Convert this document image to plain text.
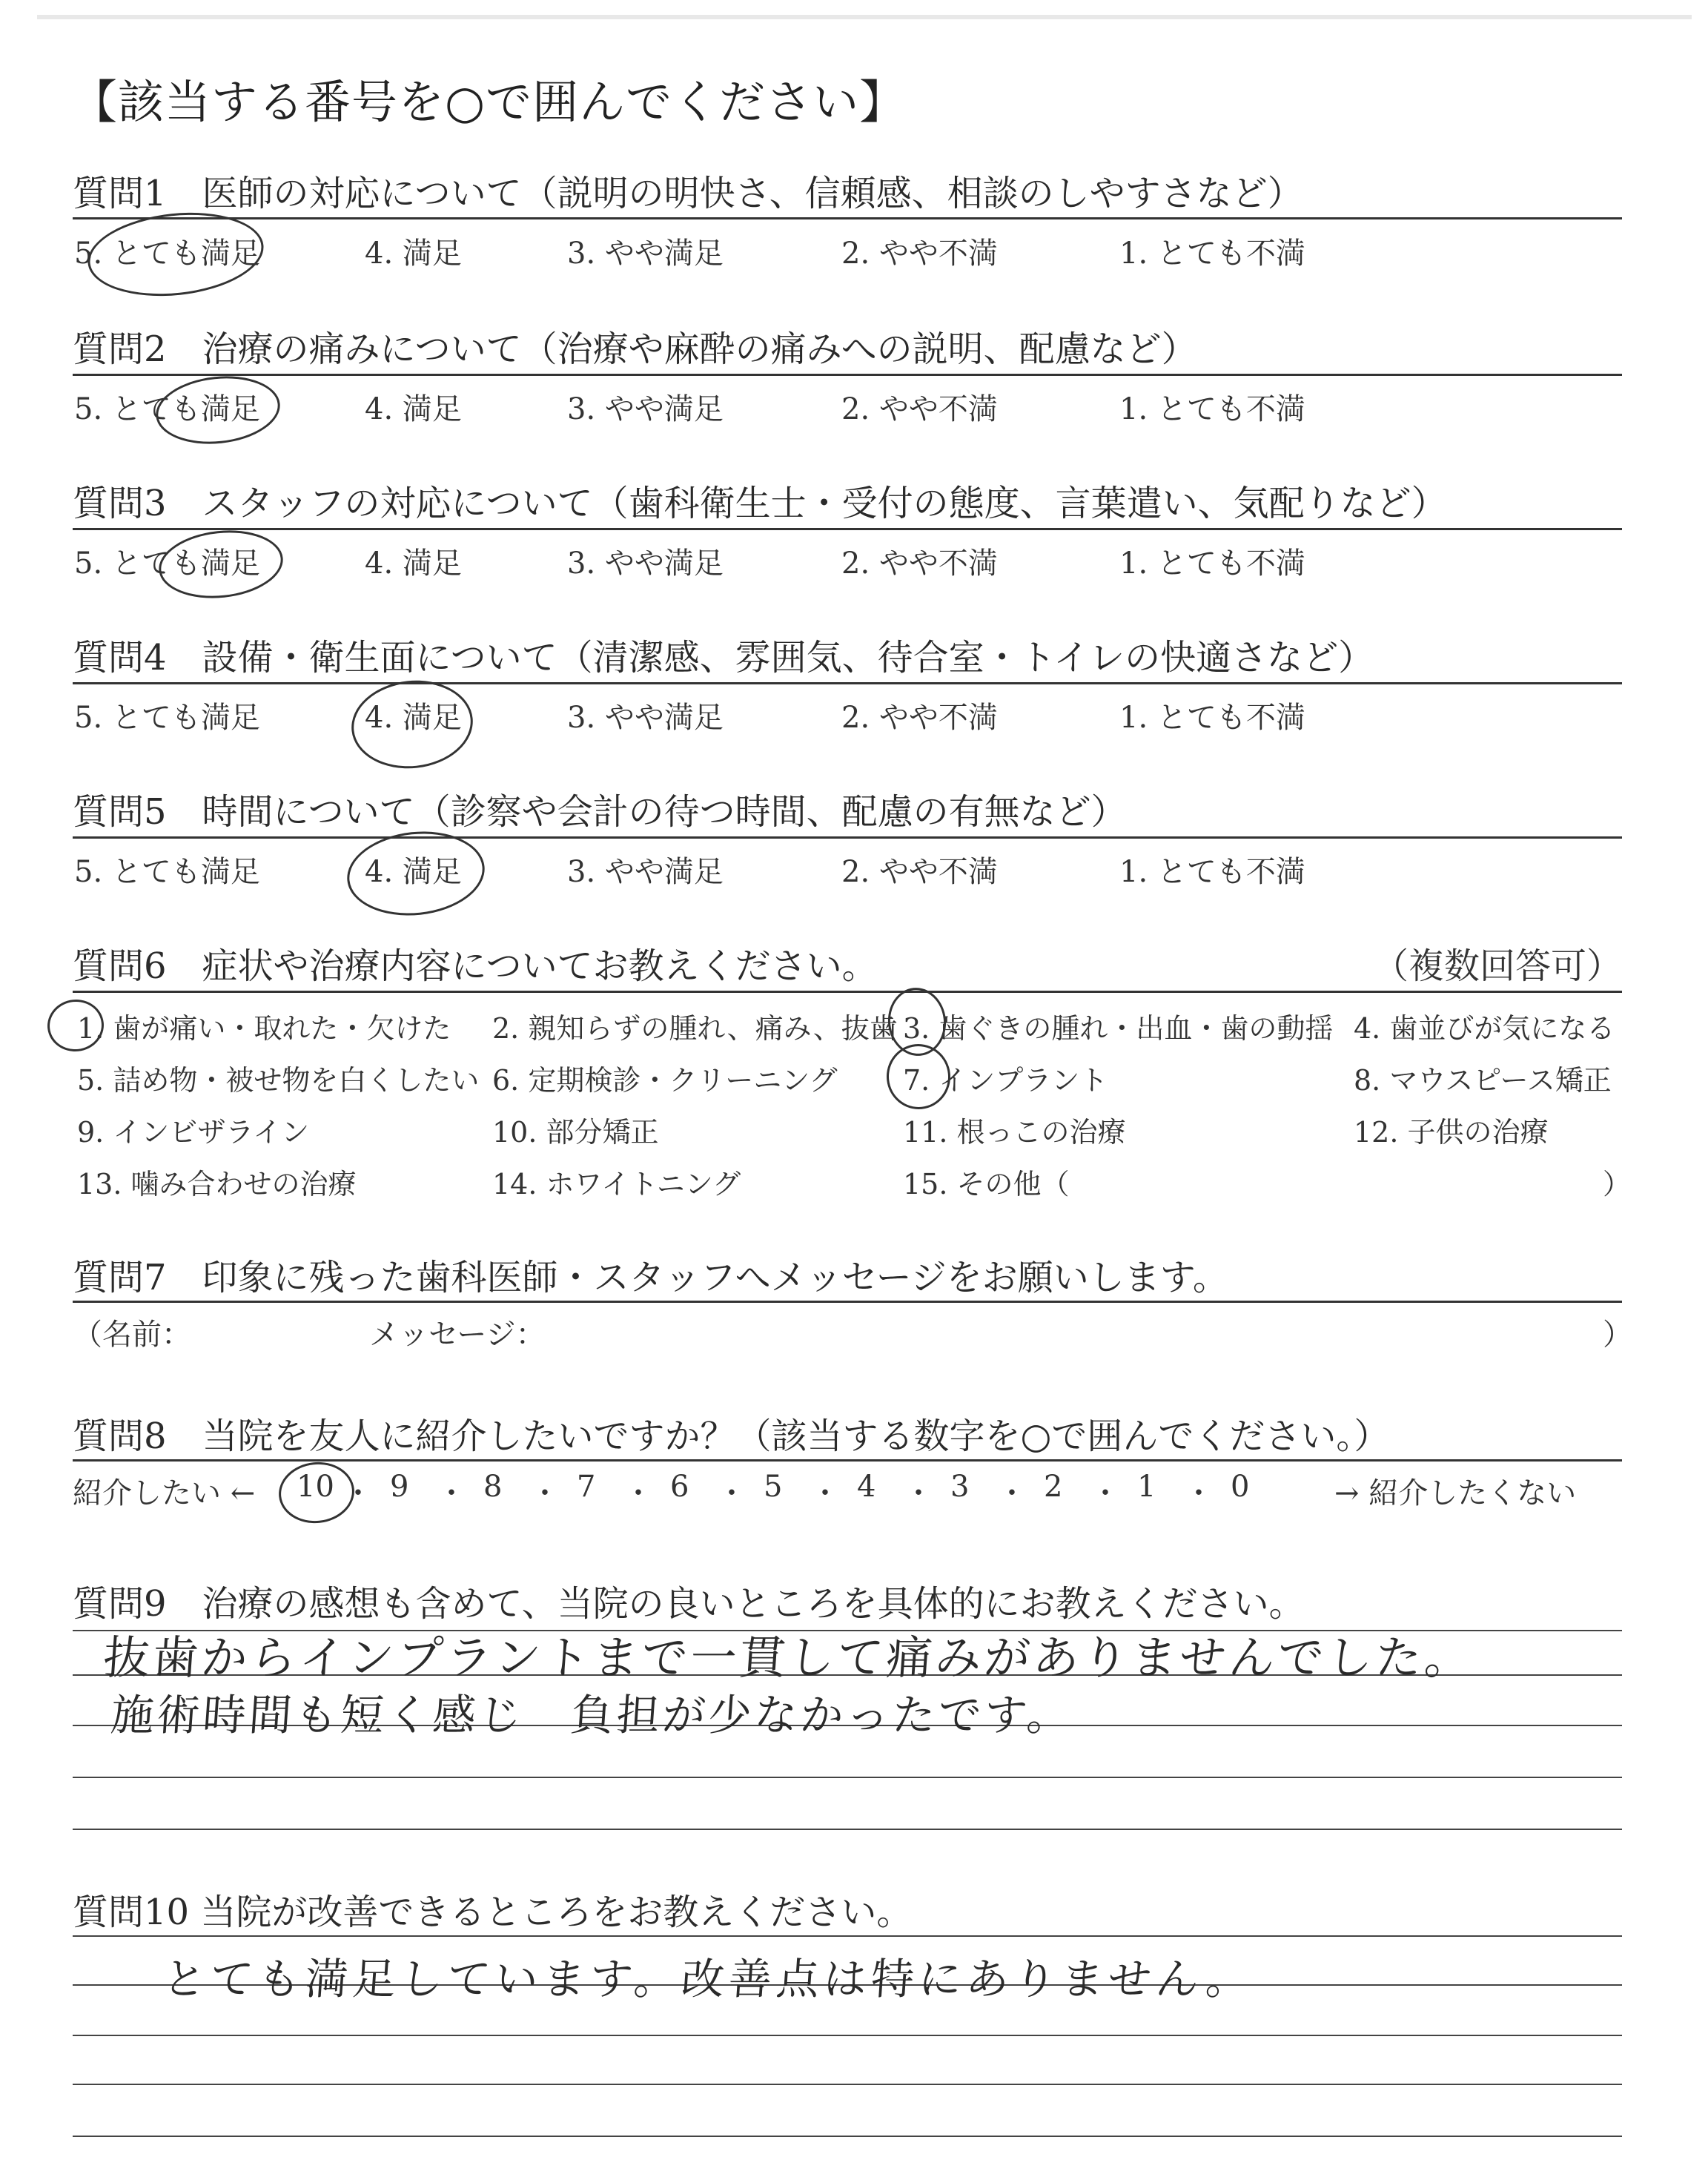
【該当する番号を○で囲んでください】
質問1　医師の対応について（説明の明快さ、信頼感、相談のしやすさなど）
5. とても満足	4. 満足	3. やや満足	2. やや不満	1. とても不満
質問2　治療の痛みについて（治療や麻酔の痛みへの説明、配慮など）
5. とても満足	4. 満足	3. やや満足	2. やや不満	1. とても不満
質問3　スタッフの対応について（歯科衛生士・受付の態度、言葉遣い、気配りなど）
5. とても満足	4. 満足	3. やや満足	2. やや不満	1. とても不満
質問4　設備・衛生面について（清潔感、雰囲気、待合室・トイレの快適さなど）
5. とても満足	4. 満足	3. やや満足	2. やや不満	1. とても不満
質問5　時間について（診察や会計の待つ時間、配慮の有無など）
5. とても満足	4. 満足	3. やや満足	2. やや不満	1. とても不満
質問6　症状や治療内容についてお教えください。	（複数回答可）
1. 歯が痛い・取れた・欠けた 2. 親知らずの腫れ、痛み、抜歯 3. 歯ぐきの腫れ・出血・歯の動揺 4. 歯並びが気になる
5. 詰め物・被せ物を白くしたい 6. 定期検診・クリーニング 7. インプラント	8. マウスピース矯正
9. インビザライン	10. 部分矯正	11. 根っこの治療	12. 子供の治療
13. 噛み合わせの治療	14. ホワイトニング	15. その他（	）
質問7　印象に残った歯科医師・スタッフへメッセージをお願いします。
（名前：	メッセージ：	）
質問8　当院を友人に紹介したいですか？（該当する数字を○で囲んでください。）
紹介したい ←	→ 紹介したくない
10 ・ 9 ・ 8 ・ 7 ・ 6 ・ 5 ・ 4 ・ 3 ・ 2 ・ 1 ・ 0
質問9　治療の感想も含めて、当院の良いところを具体的にお教えください。
抜歯からインプラントまで一貫して痛みがありませんでした。
施術時間も短く感じ　負担が少なかったです。
質問10 当院が改善できるところをお教えください。
とても満足しています。改善点は特にありません。
